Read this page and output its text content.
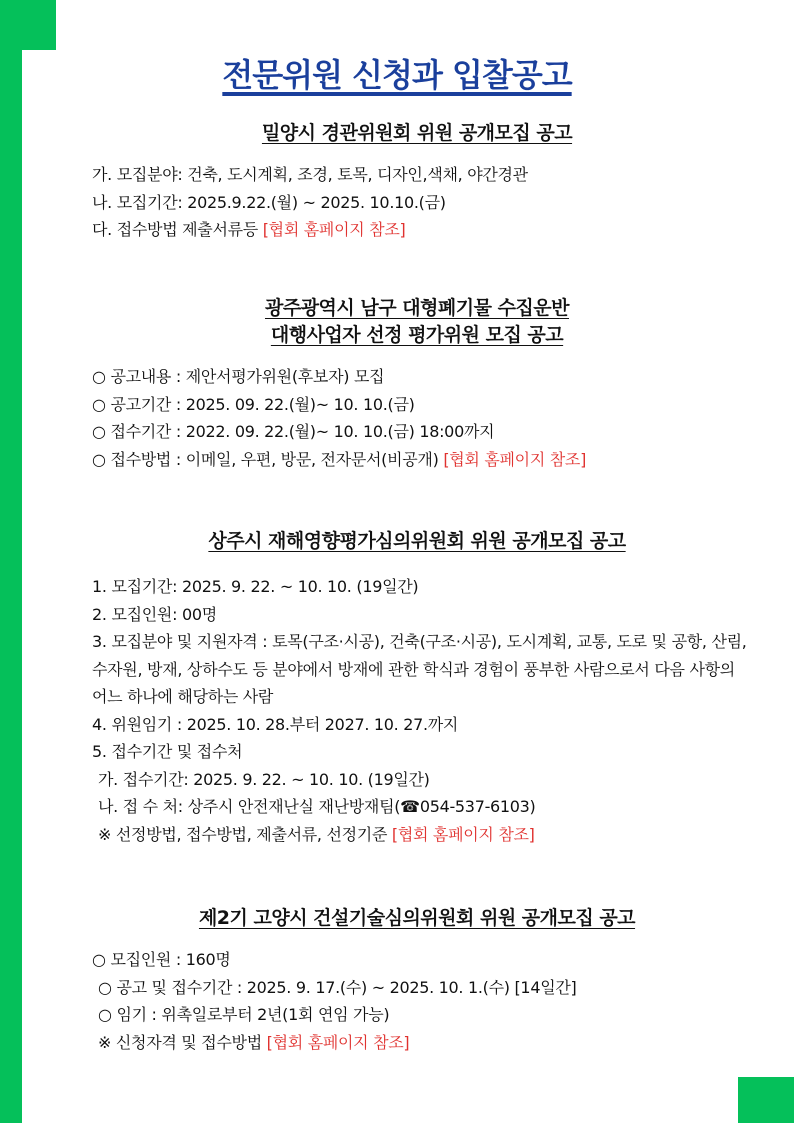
전문위원 신청과 입찰공고
밀양시 경관위원회 위원 공개모집 공고
가. 모집분야: 건축, 도시계획, 조경, 토목, 디자인,색채, 야간경관
나. 모집기간: 2025.9.22.(월) ~ 2025. 10.10.(금)
다. 접수방법 제출서류등 [협회 홈페이지 참조]
광주광역시 남구 대형폐기물 수집운반
대행사업자 선정 평가위원 모집 공고
○ 공고내용 : 제안서평가위원(후보자) 모집
○ 공고기간 : 2025. 09. 22.(월)~ 10. 10.(금)
○ 접수기간 : 2022. 09. 22.(월)~ 10. 10.(금) 18:00까지
○ 접수방법 : 이메일, 우편, 방문, 전자문서(비공개) [협회 홈페이지 참조]
상주시 재해영향평가심의위원회 위원 공개모집 공고
1. 모집기간: 2025. 9. 22. ~ 10. 10. (19일간)
2. 모집인원: 00명
3. 모집분야 및 지원자격 : 토목(구조·시공), 건축(구조·시공), 도시계획, 교통, 도로 및 공항, 산림, 수자원, 방재, 상하수도 등 분야에서 방재에 관한 학식과 경험이 풍부한 사람으로서 다음 사항의 어느 하나에 해당하는 사람
4. 위원임기 : 2025. 10. 28.부터 2027. 10. 27.까지
5. 접수기간 및 접수처
가. 접수기간: 2025. 9. 22. ~ 10. 10. (19일간)
나. 접 수 처: 상주시 안전재난실 재난방재팀(☎054-537-6103)
※ 선정방법, 접수방법, 제출서류, 선정기준 [협회 홈페이지 참조]
제2기 고양시 건설기술심의위원회 위원 공개모집 공고
○ 모집인원 : 160명
○ 공고 및 접수기간 : 2025. 9. 17.(수) ~ 2025. 10. 1.(수) [14일간]
○ 임기 : 위촉일로부터 2년(1회 연임 가능)
※ 신청자격 및 접수방법 [협회 홈페이지 참조]
